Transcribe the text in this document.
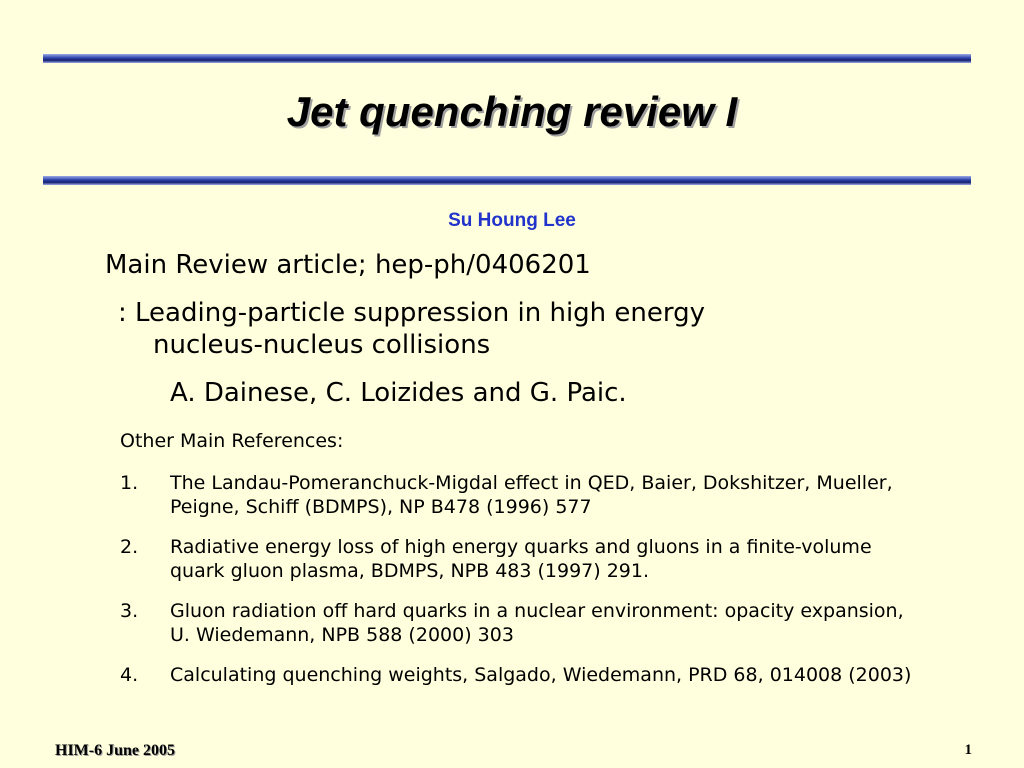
Jet quenching review I
Su Houng Lee
Main Review article; hep-ph/0406201
: Leading-particle suppression in high energy
nucleus-nucleus collisions
A. Dainese, C. Loizides and G. Paic.
Other Main References:
1. The Landau-Pomeranchuck-Migdal effect in QED, Baier, Dokshitzer, Mueller, Peigne, Schiff (BDMPS), NP B478 (1996) 577
2. Radiative energy loss of high energy quarks and gluons in a finite-volume quark gluon plasma, BDMPS, NPB 483 (1997) 291.
3. Gluon radiation off hard quarks in a nuclear environment: opacity expansion, U. Wiedemann, NPB 588 (2000) 303
4. Calculating quenching weights, Salgado, Wiedemann, PRD 68, 014008 (2003)
HIM-6 June 2005	1
